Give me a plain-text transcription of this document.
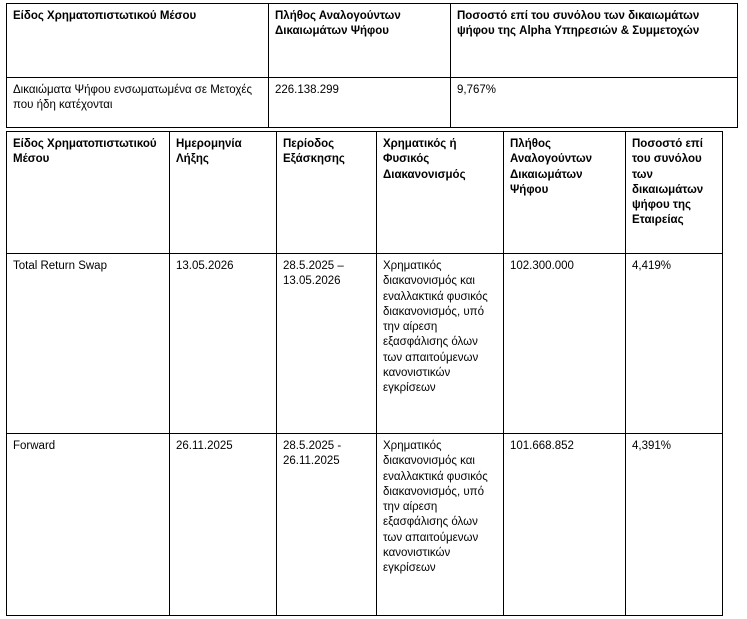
Είδος Χρηματοπιστωτικού Μέσου	Πλήθος Αναλογούντων Δικαιωμάτων Ψήφου	Ποσοστό επί του συνόλου των δικαιωμάτων ψήφου της Alpha Υπηρεσιών & Συμμετοχών
Δικαιώματα Ψήφου ενσωματωμένα σε Μετοχές που ήδη κατέχονται	226.138.299	9,767%
Είδος Χρηματοπιστωτικού Μέσου	Ημερομηνία Λήξης	Περίοδος Εξάσκησης	Χρηματικός ή Φυσικός Διακανονισμός	Πλήθος Αναλογούντων Δικαιωμάτων Ψήφου	Ποσοστό επί του συνόλου των δικαιωμάτων ψήφου της Εταιρείας
Total Return Swap	13.05.2026	28.5.2025 – 13.05.2026	Χρηματικός διακανονισμός και εναλλακτικά φυσικός διακανονισμός, υπό την αίρεση εξασφάλισης όλων των απαιτούμενων κανονιστικών εγκρίσεων	102.300.000	4,419%
Forward	26.11.2025	28.5.2025 - 26.11.2025	Χρηματικός διακανονισμός και εναλλακτικά φυσικός διακανονισμός, υπό την αίρεση εξασφάλισης όλων των απαιτούμενων κανονιστικών εγκρίσεων	101.668.852	4,391%
